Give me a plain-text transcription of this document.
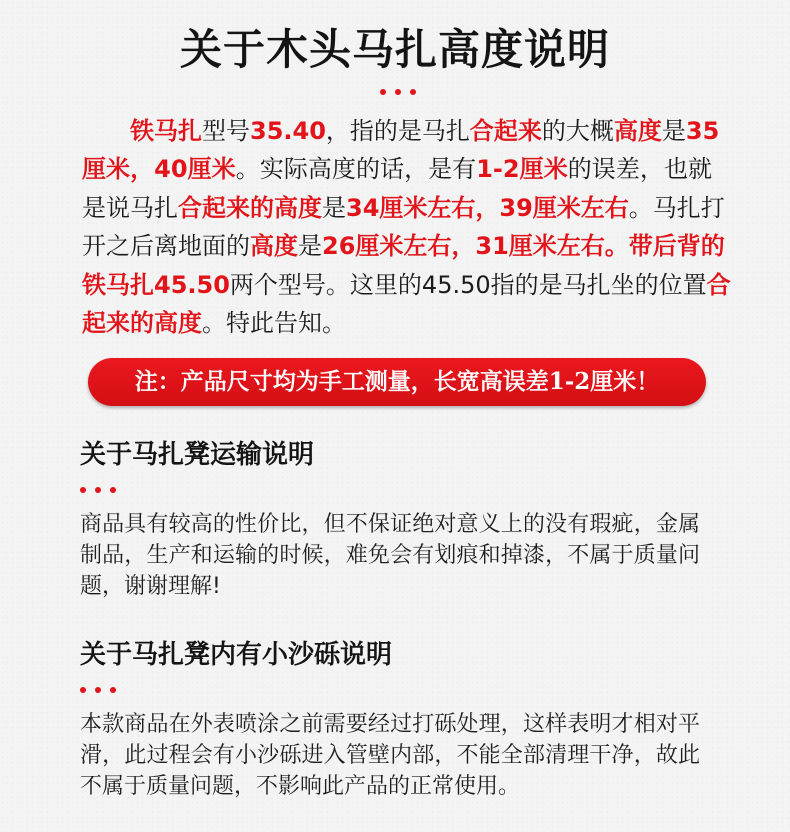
关于木头马扎高度说明
铁马扎型号35.40，指的是马扎合起来的大概高度是35
厘米，40厘米。实际高度的话，是有1-2厘米的误差，也就
是说马扎合起来的高度是34厘米左右，39厘米左右。马扎打
开之后离地面的高度是26厘米左右，31厘米左右。带后背的
铁马扎45.50两个型号。这里的45.50指的是马扎坐的位置合
起来的高度。特此告知。
注：产品尺寸均为手工测量，长宽高误差1-2厘米！
关于马扎凳运输说明
商品具有较高的性价比，但不保证绝对意义上的没有瑕疵，金属
制品，生产和运输的时候，难免会有划痕和掉漆，不属于质量问
题，谢谢理解!
关于马扎凳内有小沙砾说明
本款商品在外表喷涂之前需要经过打砾处理，这样表明才相对平
滑，此过程会有小沙砾进入管壁内部，不能全部清理干净，故此
不属于质量问题，不影响此产品的正常使用。
